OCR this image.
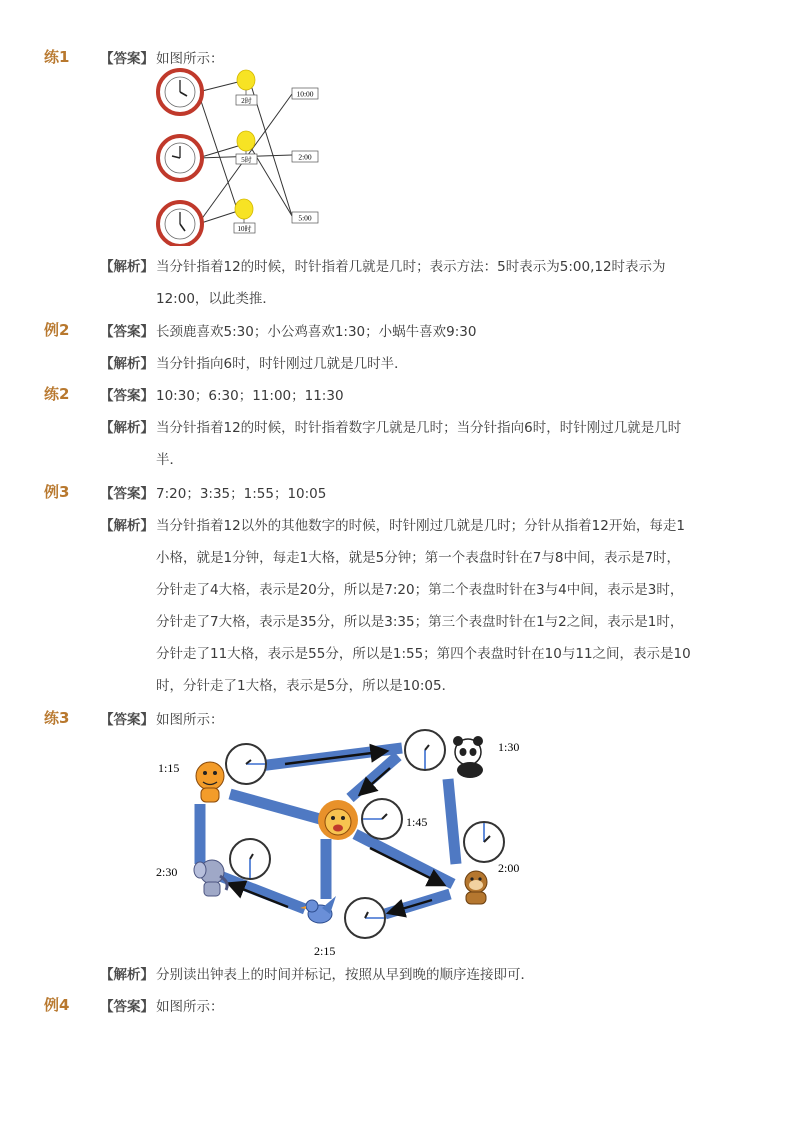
练1 【答案】 如图所示：
2时
5时
10时
10:00
2:00
5:00
【解析】 当分针指着12的时候，时针指着几就是几时；表示方法：5时表示为5:00,12时表示为
12:00，以此类推．
例2 【答案】 长颈鹿喜欢5:30；小公鸡喜欢1:30；小蜗牛喜欢9:30
【解析】 当分针指向6时，时针刚过几就是几时半．
练2 【答案】 10:30；6:30；11:00；11:30
【解析】 当分针指着12的时候，时针指着数字几就是几时；当分针指向6时，时针刚过几就是几时
半．
例3 【答案】 7:20；3:35；1:55；10:05
【解析】 当分针指着12以外的其他数字的时候，时针刚过几就是几时；分针从指着12开始，每走1
小格，就是1分钟，每走1大格，就是5分钟；第一个表盘时针在7与8中间，表示是7时，
分针走了4大格，表示是20分，所以是7:20；第二个表盘时针在3与4中间，表示是3时，
分针走了7大格，表示是35分，所以是3:35；第三个表盘时针在1与2之间，表示是1时，
分针走了11大格，表示是55分，所以是1:55；第四个表盘时针在10与11之间，表示是10
时，分针走了1大格，表示是5分，所以是10:05．
练3 【答案】 如图所示：
1:15
1:30
1:45
2:00
2:15
2:30
【解析】 分别读出钟表上的时间并标记，按照从早到晚的顺序连接即可．
例4 【答案】 如图所示：
